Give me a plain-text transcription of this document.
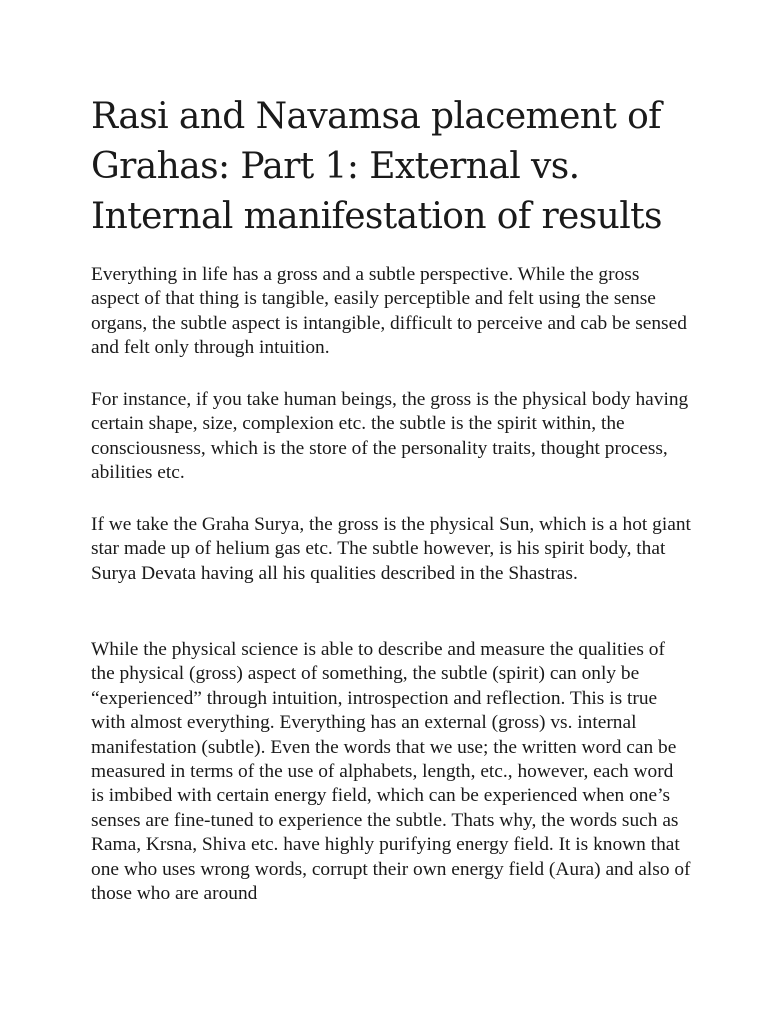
Rasi and Navamsa placement of Grahas: Part 1: External vs. Internal manifestation of results

Everything in life has a gross and a subtle perspective. While the gross aspect of that thing is tangible, easily perceptible and felt using the sense organs, the subtle aspect is intangible, difficult to perceive and cab be sensed and felt only through intuition.

For instance, if you take human beings, the gross is the physical body having certain shape, size, complexion etc. the subtle is the spirit within, the consciousness, which is the store of the personality traits, thought process, abilities etc.

If we take the Graha Surya, the gross is the physical Sun, which is a hot giant star made up of helium gas etc. The subtle however, is his spirit body, that Surya Devata having all his qualities described in the Shastras.

While the physical science is able to describe and measure the qualities of the physical (gross) aspect of something, the subtle (spirit) can only be “experienced” through intuition, introspection and reflection. This is true with almost everything. Everything has an external (gross) vs. internal manifestation (subtle). Even the words that we use; the written word can be measured in terms of the use of alphabets, length, etc., however, each word is imbibed with certain energy field, which can be experienced when one’s senses are fine-tuned to experience the subtle. Thats why, the words such as Rama, Krsna, Shiva etc. have highly purifying energy field. It is known that one who uses wrong words, corrupt their own energy field (Aura) and also of those who are around
